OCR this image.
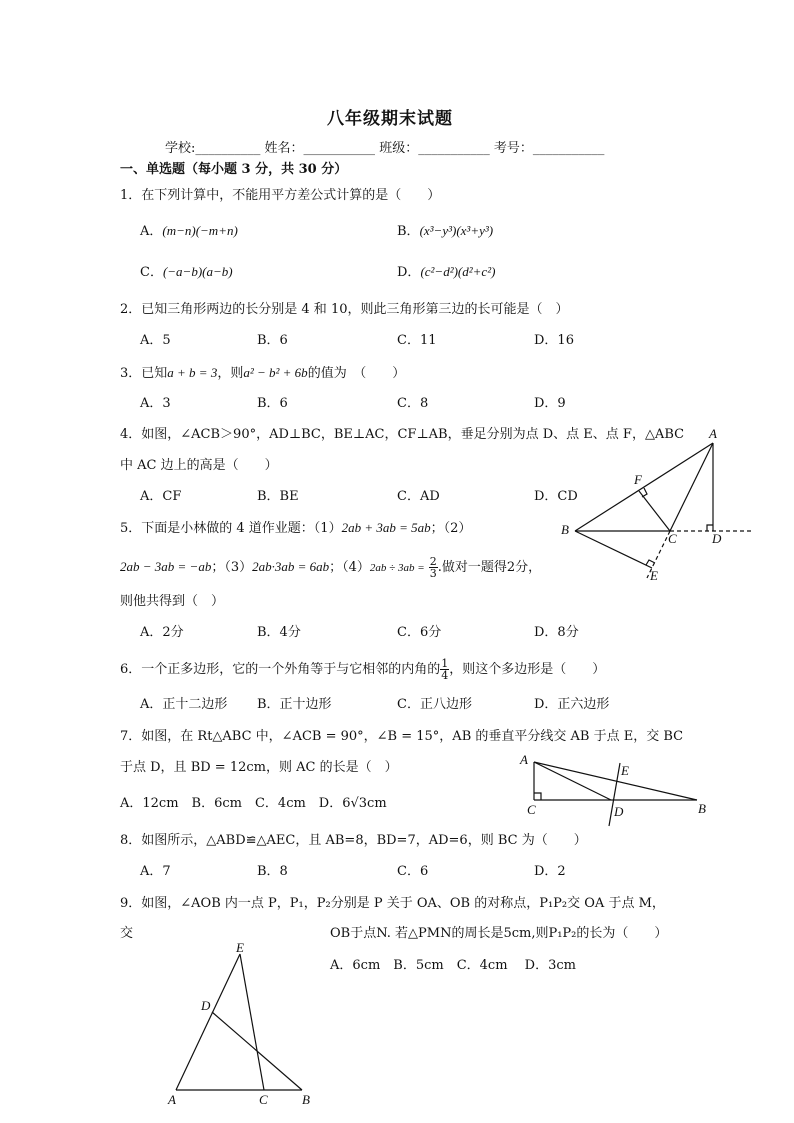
八年级期末试题
学校:__________ 姓名：___________ 班级：___________ 考号：___________
一、单选题（每小题 3 分，共 30 分）
1．在下列计算中，不能用平方差公式计算的是（　　）
A．(m−n)(−m+n)	B．(x³−y³)(x³+y³)
C．(−a−b)(a−b)	D．(c²−d²)(d²+c²)
2．已知三角形两边的长分别是 4 和 10，则此三角形第三边的长可能是（　）
A．5	B．6	C．11	D．16
3．已知a + b = 3，则a² − b² + 6b的值为　（　　）
A．3	B．6	C．8	D．9
4．如图，∠ACB＞90°，AD⊥BC，BE⊥AC，CF⊥AB，垂足分别为点 D、点 E、点 F，△ABC
中 AC 边上的高是（　　）
A．CF	B．BE	C．AD	D．CD
A
B
C	D
E
F
5．下面是小林做的 4 道作业题：（1）2ab + 3ab = 5ab；（2）
2ab − 3ab = −ab；（3）2ab·3ab = 6ab；$(4)2ab \div 3ab = \frac{2}{3}$ .做对一题得2分，
则他共得到（　）
A．2分	B．4分	C．6分	D．8分
6．一个正多边形，它的一个外角等于与它相邻的内角的 $\frac{1}{4}$ ，则这个多边形是（　　）
A．正十二边形 B．正十边形	C．正八边形	D．正六边形
7．如图，在 Rt△ABC 中，∠ACB = 90°，∠B = 15°，AB 的垂直平分线交 AB 于点 E，交 BC
于点 D，且 BD = 12cm，则 AC 的长是（　）
A．12cm　B．6cm　C．4cm　D．6√3cm
A
C	D
E
B
8．如图所示，△ABD≌△AEC，且 AB=8，BD=7，AD=6，则 BC 为（　　）
A．7	B．8	C．6	D．2
9．如图，∠AOB 内一点 P，P₁，P₂分别是 P 关于 OA、OB 的对称点，P₁P₂交 OA 于点 M，
交	OB于点N. 若△PMN的周长是5cm,则P₁P₂的长为（　　）
A．6cm　B．5cm　C．4cm　 D．3cm
E
D
A	C	B
